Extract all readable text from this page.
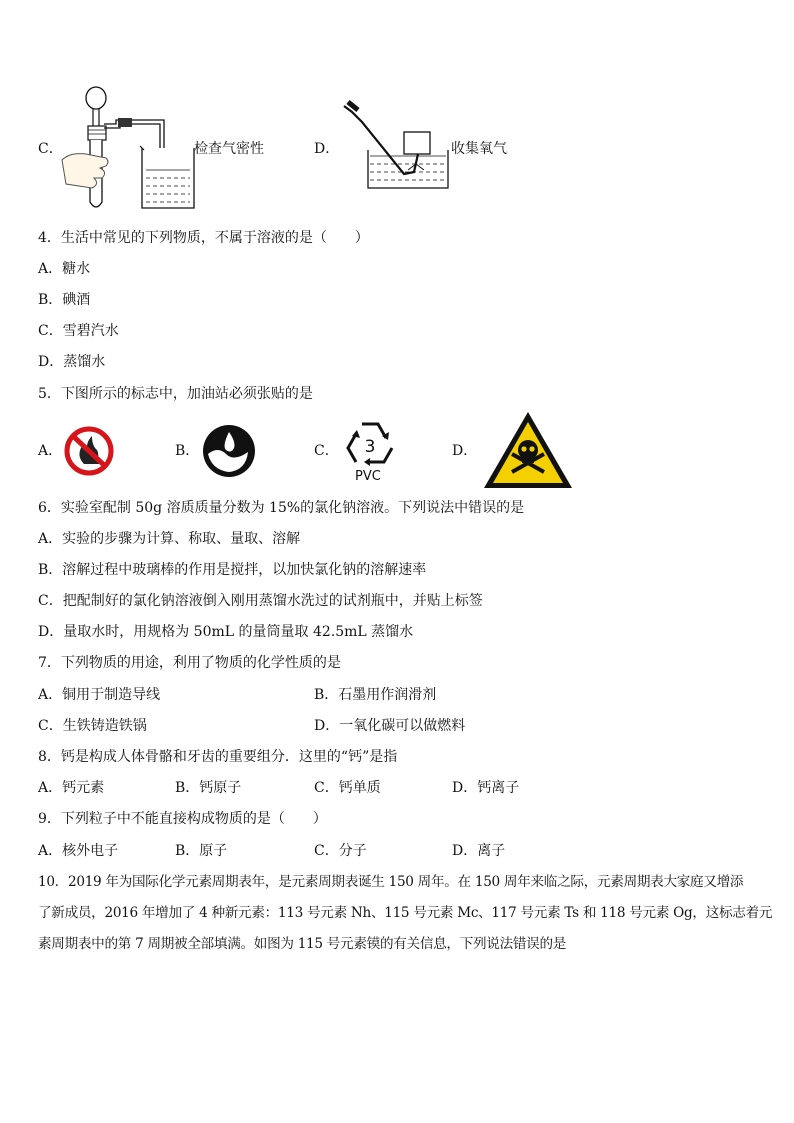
C．	检查气密性	D．	收集氧气
4．生活中常见的下列物质，不属于溶液的是（　　）
A．糖水
B．碘酒
C．雪碧汽水
D．蒸馏水
5．下图所示的标志中，加油站必须张贴的是
A．	B．	C． 3
PVC
D．
6．实验室配制 50g 溶质质量分数为 15%的氯化钠溶液。下列说法中错误的是
A．实验的步骤为计算、称取、量取、溶解
B．溶解过程中玻璃棒的作用是搅拌，以加快氯化钠的溶解速率
C．把配制好的氯化钠溶液倒入刚用蒸馏水洗过的试剂瓶中，并贴上标签
D．量取水时，用规格为 50mL 的量筒量取 42.5mL 蒸馏水
7．下列物质的用途，利用了物质的化学性质的是
A．铜用于制造导线	B．石墨用作润滑剂
C．生铁铸造铁锅	D．一氧化碳可以做燃料
8．钙是构成人体骨骼和牙齿的重要组分．这里的“钙”是指
A．钙元素	B．钙原子	C．钙单质	D．钙离子
9．下列粒子中不能直接构成物质的是（　　）
A．核外电子	B．原子	C．分子	D．离子
10．2019 年为国际化学元素周期表年，是元素周期表诞生 150 周年。在 150 周年来临之际，元素周期表大家庭又增添
了新成员，2016 年增加了 4 种新元素：113 号元素 Nh、115 号元素 Mc、117 号元素 Ts 和 118 号元素 Og，这标志着元
素周期表中的第 7 周期被全部填满。如图为 115 号元素镆的有关信息，下列说法错误的是
